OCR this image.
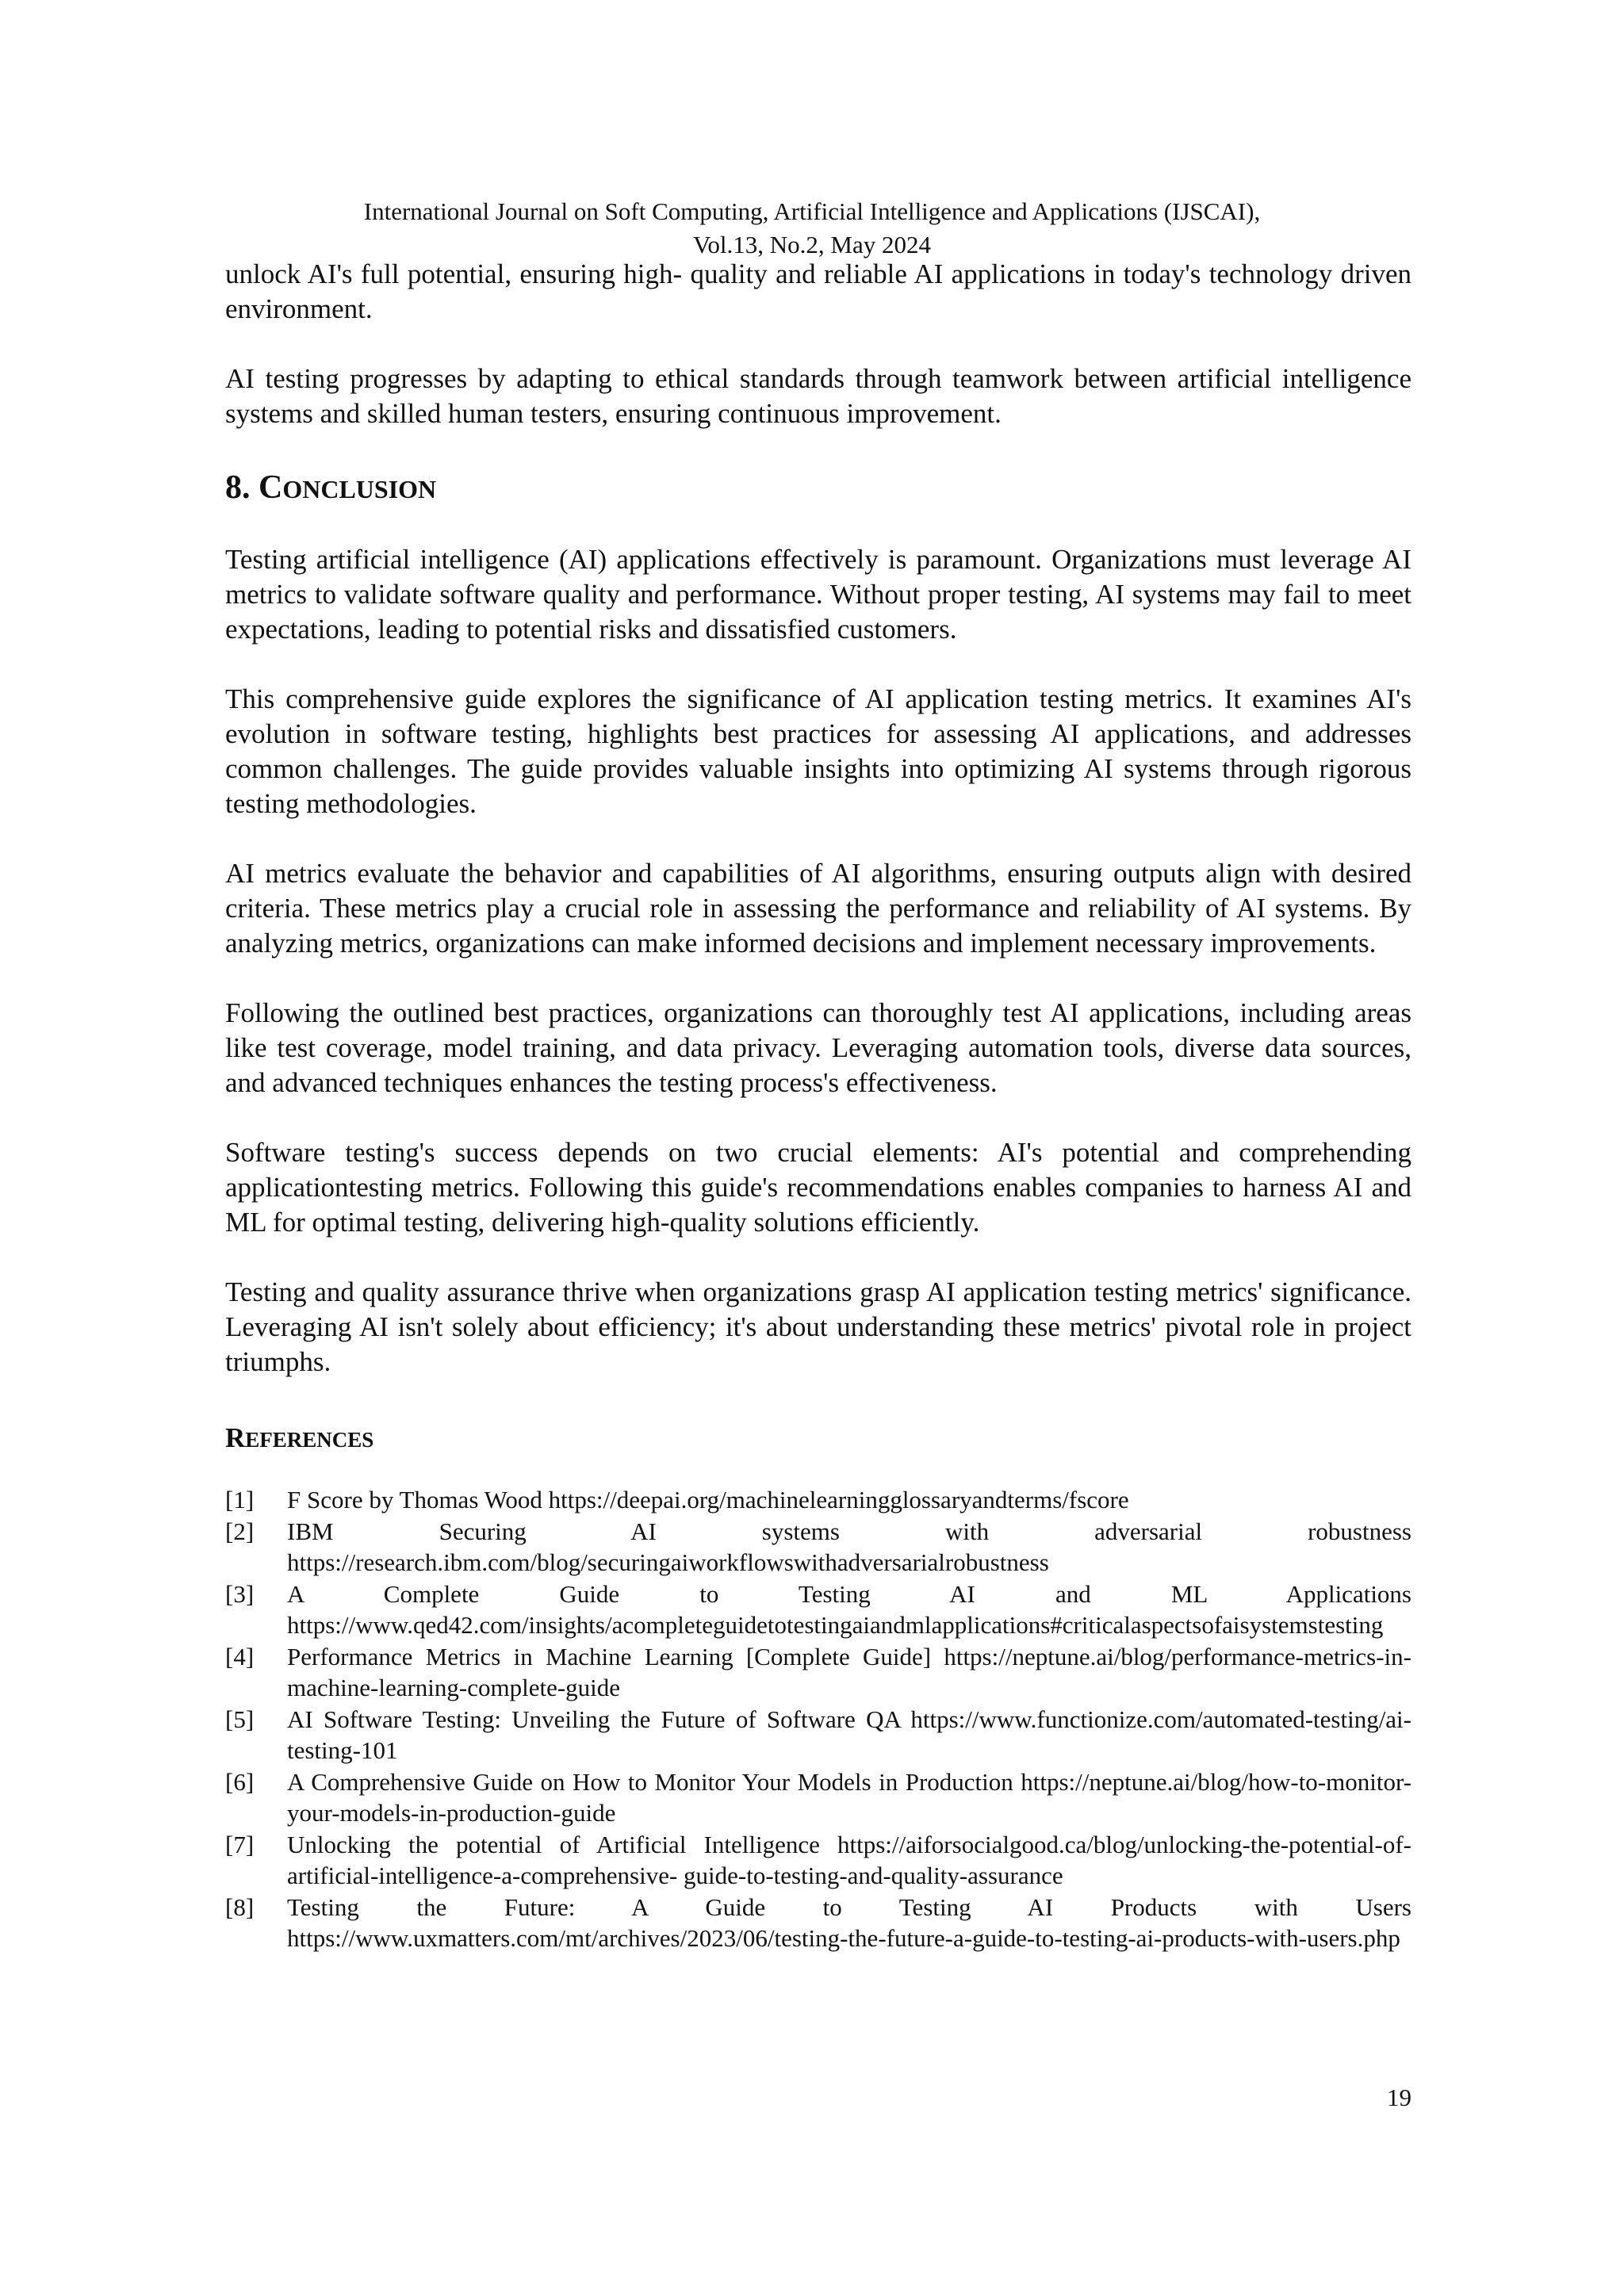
International Journal on Soft Computing, Artificial Intelligence and Applications (IJSCAI),
Vol.13, No.2, May 2024

unlock AI's full potential, ensuring high- quality and reliable AI applications in today's technology driven environment.

AI testing progresses by adapting to ethical standards through teamwork between artificial intelligence systems and skilled human testers, ensuring continuous improvement.

8. CONCLUSION

Testing artificial intelligence (AI) applications effectively is paramount. Organizations must leverage AI metrics to validate software quality and performance. Without proper testing, AI systems may fail to meet expectations, leading to potential risks and dissatisfied customers.

This comprehensive guide explores the significance of AI application testing metrics. It examines AI's evolution in software testing, highlights best practices for assessing AI applications, and addresses common challenges. The guide provides valuable insights into optimizing AI systems through rigorous testing methodologies.

AI metrics evaluate the behavior and capabilities of AI algorithms, ensuring outputs align with desired criteria. These metrics play a crucial role in assessing the performance and reliability of AI systems. By analyzing metrics, organizations can make informed decisions and implement necessary improvements.

Following the outlined best practices, organizations can thoroughly test AI applications, including areas like test coverage, model training, and data privacy. Leveraging automation tools, diverse data sources, and advanced techniques enhances the testing process's effectiveness.

Software testing's success depends on two crucial elements: AI's potential and comprehending applicationtesting metrics. Following this guide's recommendations enables companies to harness AI and ML for optimal testing, delivering high-quality solutions efficiently.

Testing and quality assurance thrive when organizations grasp AI application testing metrics' significance. Leveraging AI isn't solely about efficiency; it's about understanding these metrics' pivotal role in project triumphs.

REFERENCES
[1]	F Score by Thomas Wood https://deepai.org/machinelearningglossaryandterms/fscore
[2]	IBM Securing AI systems with adversarial robustness https://research.ibm.com/blog/securingaiworkflowswithadversarialrobustness
[3]	A Complete Guide to Testing AI and ML Applications https://www.qed42.com/insights/acompleteguidetotestingaiandmlapplications#criticalaspectsofaisystemstesting
[4]	Performance Metrics in Machine Learning [Complete Guide] https://neptune.ai/blog/performance-metrics-in-machine-learning-complete-guide
[5]	AI Software Testing: Unveiling the Future of Software QA https://www.functionize.com/automated-testing/ai-testing-101
[6]	A Comprehensive Guide on How to Monitor Your Models in Production https://neptune.ai/blog/how-to-monitor-your-models-in-production-guide
[7]	Unlocking the potential of Artificial Intelligence https://aiforsocialgood.ca/blog/unlocking-the-potential-of-artificial-intelligence-a-comprehensive- guide-to-testing-and-quality-assurance
[8]	Testing the Future: A Guide to Testing AI Products with Users https://www.uxmatters.com/mt/archives/2023/06/testing-the-future-a-guide-to-testing-ai-products-with-users.php
19
